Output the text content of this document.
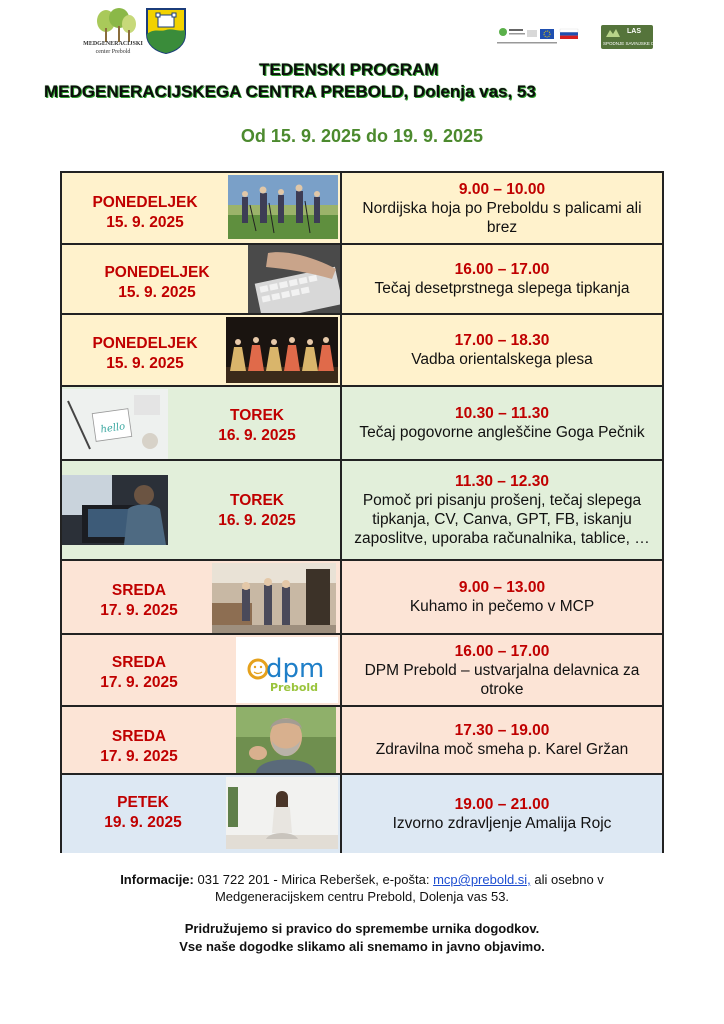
MEDGENERACIJSKI
center Prebold
LAS
SPODNJE SAVINJSKE DOLINE
TEDENSKI PROGRAM
MEDGENERACIJSKEGA CENTRA PREBOLD, Dolenja vas, 53
Od 15. 9. 2025 do 19. 9. 2025
PONEDELJEK
15. 9. 2025
9.00 – 10.00
Nordijska hoja po Preboldu s palicami ali brez
PONEDELJEK
15. 9. 2025
16.00 – 17.00
Tečaj desetprstnega slepega tipkanja
PONEDELJEK
15. 9. 2025
17.00 – 18.30
Vadba orientalskega plesa
hello
TOREK
16. 9. 2025
10.30 – 11.30
Tečaj pogovorne angleščine Goga Pečnik
TOREK
16. 9. 2025
11.30 – 12.30
Pomoč pri pisanju prošenj, tečaj slepega tipkanja, CV, Canva, GPT, FB, iskanju zaposlitve, uporaba računalnika, tablice, …
SREDA
17. 9. 2025
9.00 – 13.00
Kuhamo in pečemo v MCP
SREDA
17. 9. 2025	dpm
Prebold
16.00 – 17.00
DPM Prebold – ustvarjalna delavnica za otroke
SREDA
17. 9. 2025
17.30 – 19.00
Zdravilna moč smeha p. Karel Gržan
PETEK
19. 9. 2025
19.00 – 21.00
Izvorno zdravljenje Amalija Rojc
Informacije: 031 722 201 - Mirica Reberšek, e-pošta: mcp@prebold.si, ali osebno v
Medgeneracijskem centru Prebold, Dolenja vas 53.
Pridružujemo si pravico do spremembe urnika dogodkov.
Vse naše dogodke slikamo ali snemamo in javno objavimo.
